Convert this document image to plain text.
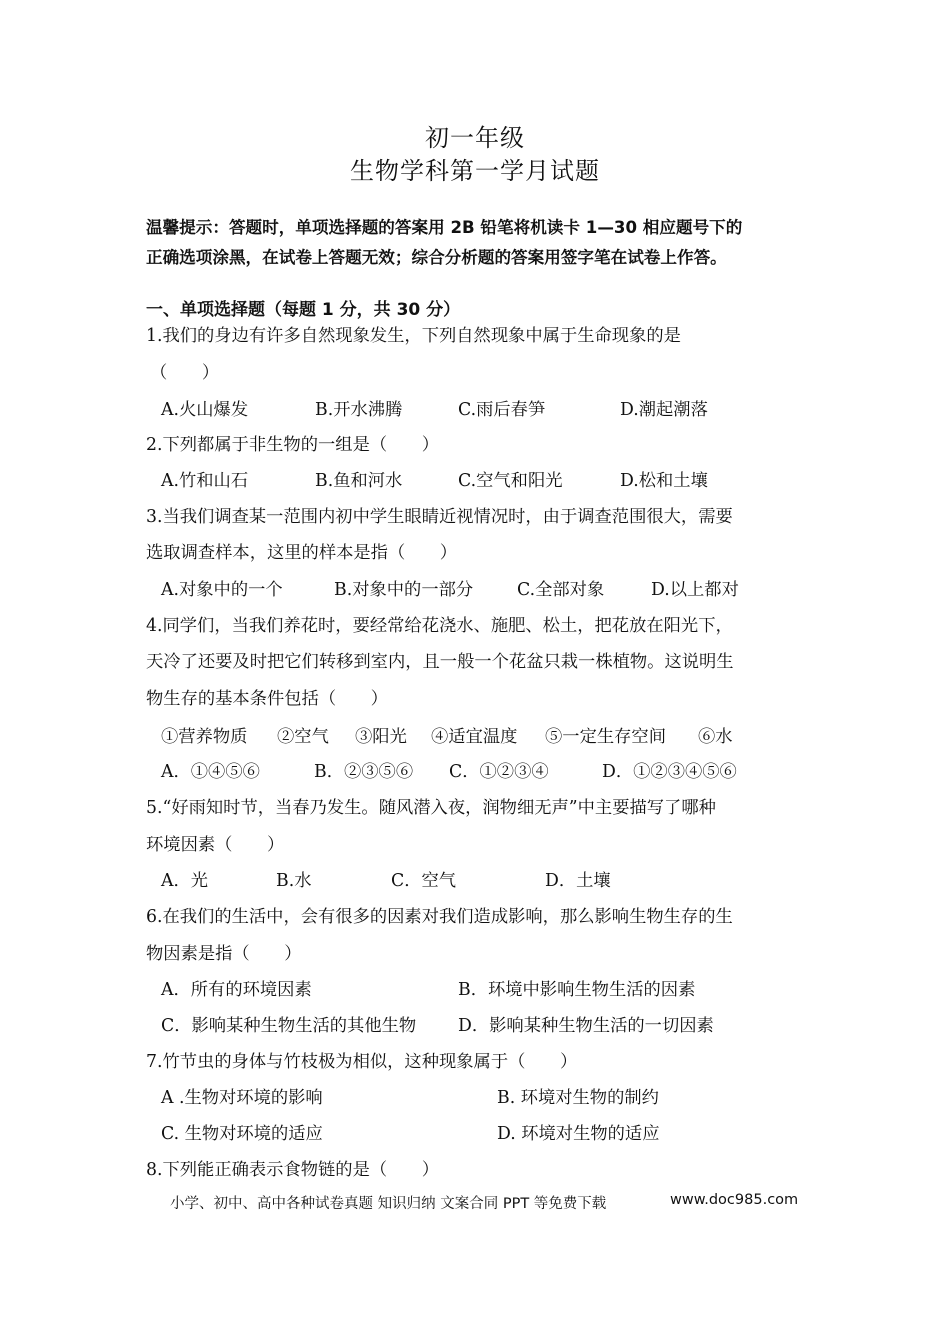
初一年级
生物学科第一学月试题
温馨提示：答题时，单项选择题的答案用 2B 铅笔将机读卡 1—30 相应题号下的
正确选项涂黑，在试卷上答题无效；综合分析题的答案用签字笔在试卷上作答。
一、单项选择题（每题 1 分，共 30 分）
1.我们的身边有许多自然现象发生，下列自然现象中属于生命现象的是
（　　）
A.火山爆发	B.开水沸腾	C.雨后春笋	D.潮起潮落
2.下列都属于非生物的一组是（　　）
A.竹和山石	B.鱼和河水	C.空气和阳光	D.松和土壤
3.当我们调查某一范围内初中学生眼睛近视情况时，由于调查范围很大，需要
选取调查样本，这里的样本是指（　　）
A.对象中的一个	B.对象中的一部分	C.全部对象	D.以上都对
4.同学们，当我们养花时，要经常给花浇水、施肥、松土，把花放在阳光下，
天冷了还要及时把它们转移到室内，且一般一个花盆只栽一株植物。这说明生
物生存的基本条件包括（　　）
①营养物质 ②空气 ③阳光 ④适宜温度 ⑤一定生存空间 ⑥水
A．①④⑤⑥	B．②③⑤⑥ C．①②③④	D．①②③④⑤⑥
5.“好雨知时节，当春乃发生。随风潜入夜，润物细无声”中主要描写了哪种
环境因素（　　）
A．光	B.水	C．空气	D．土壤
6.在我们的生活中，会有很多的因素对我们造成影响，那么影响生物生存的生
物因素是指（　　）
A．所有的环境因素	B．环境中影响生物生活的因素
C．影响某种生物生活的其他生物 D．影响某种生物生活的一切因素
7.竹节虫的身体与竹枝极为相似，这种现象属于（　　）
A .生物对环境的影响	B. 环境对生物的制约
C. 生物对环境的适应	D. 环境对生物的适应
8.下列能正确表示食物链的是（　　）
小学、初中、高中各种试卷真题 知识归纳 文案合同 PPT 等免费下载	www.doc985.com
